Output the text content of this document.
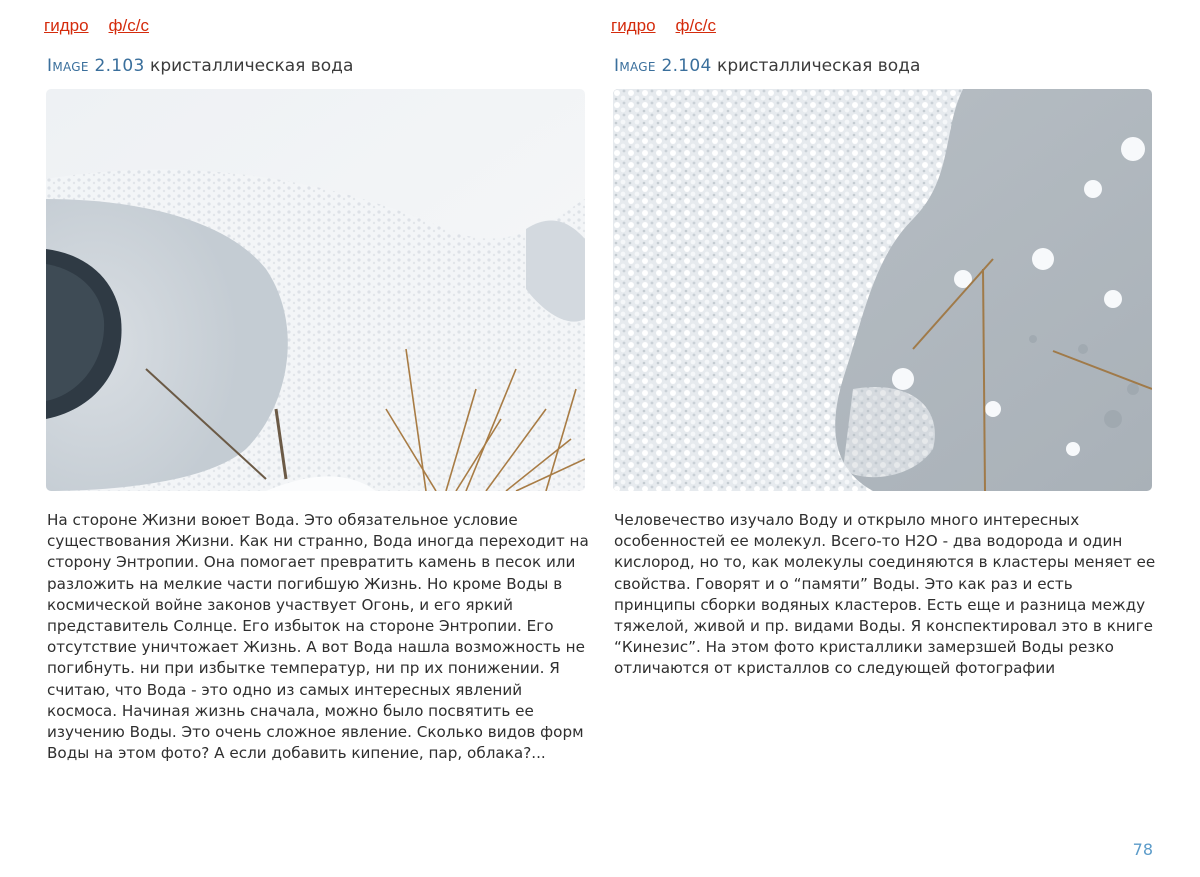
гидро ф/с/с
Image 2.103 кристаллическая вода
На стороне Жизни воюет Вода. Это обязательное условие существования Жизни. Как ни странно, Вода иногда переходит на сторону Энтропии. Она помогает превратить камень в песок или разложить на мелкие части погибшую Жизнь. Но кроме Воды в космической войне законов участвует Огонь, и его яркий представитель Солнце. Его избыток на стороне Энтропии. Его отсутствие уничтожает Жизнь. А вот Вода нашла возможность не погибнуть. ни при избытке температур, ни пр их понижении. Я считаю, что Вода - это одно из самых интересных явлений космоса. Начиная жизнь сначала, можно было посвятить ее изучению Воды. Это очень сложное явление. Сколько видов форм Воды на этом фото? А если добавить кипение, пар, облака?...
гидро ф/с/с
Image 2.104 кристаллическая вода
Человечество изучало Воду и открыло много интересных особенностей ее молекул. Всего-то H2O - два водорода и один кислород, но то, как молекулы соединяются в кластеры меняет ее свойства. Говорят и о “памяти” Воды. Это как раз и есть принципы сборки водяных кластеров. Есть еще и разница между тяжелой, живой и пр. видами Воды. Я конспектировал это в книге “Кинезис”. На этом фото кристаллики замерзшей Воды резко отличаются от кристаллов со следующей фотографии
78
